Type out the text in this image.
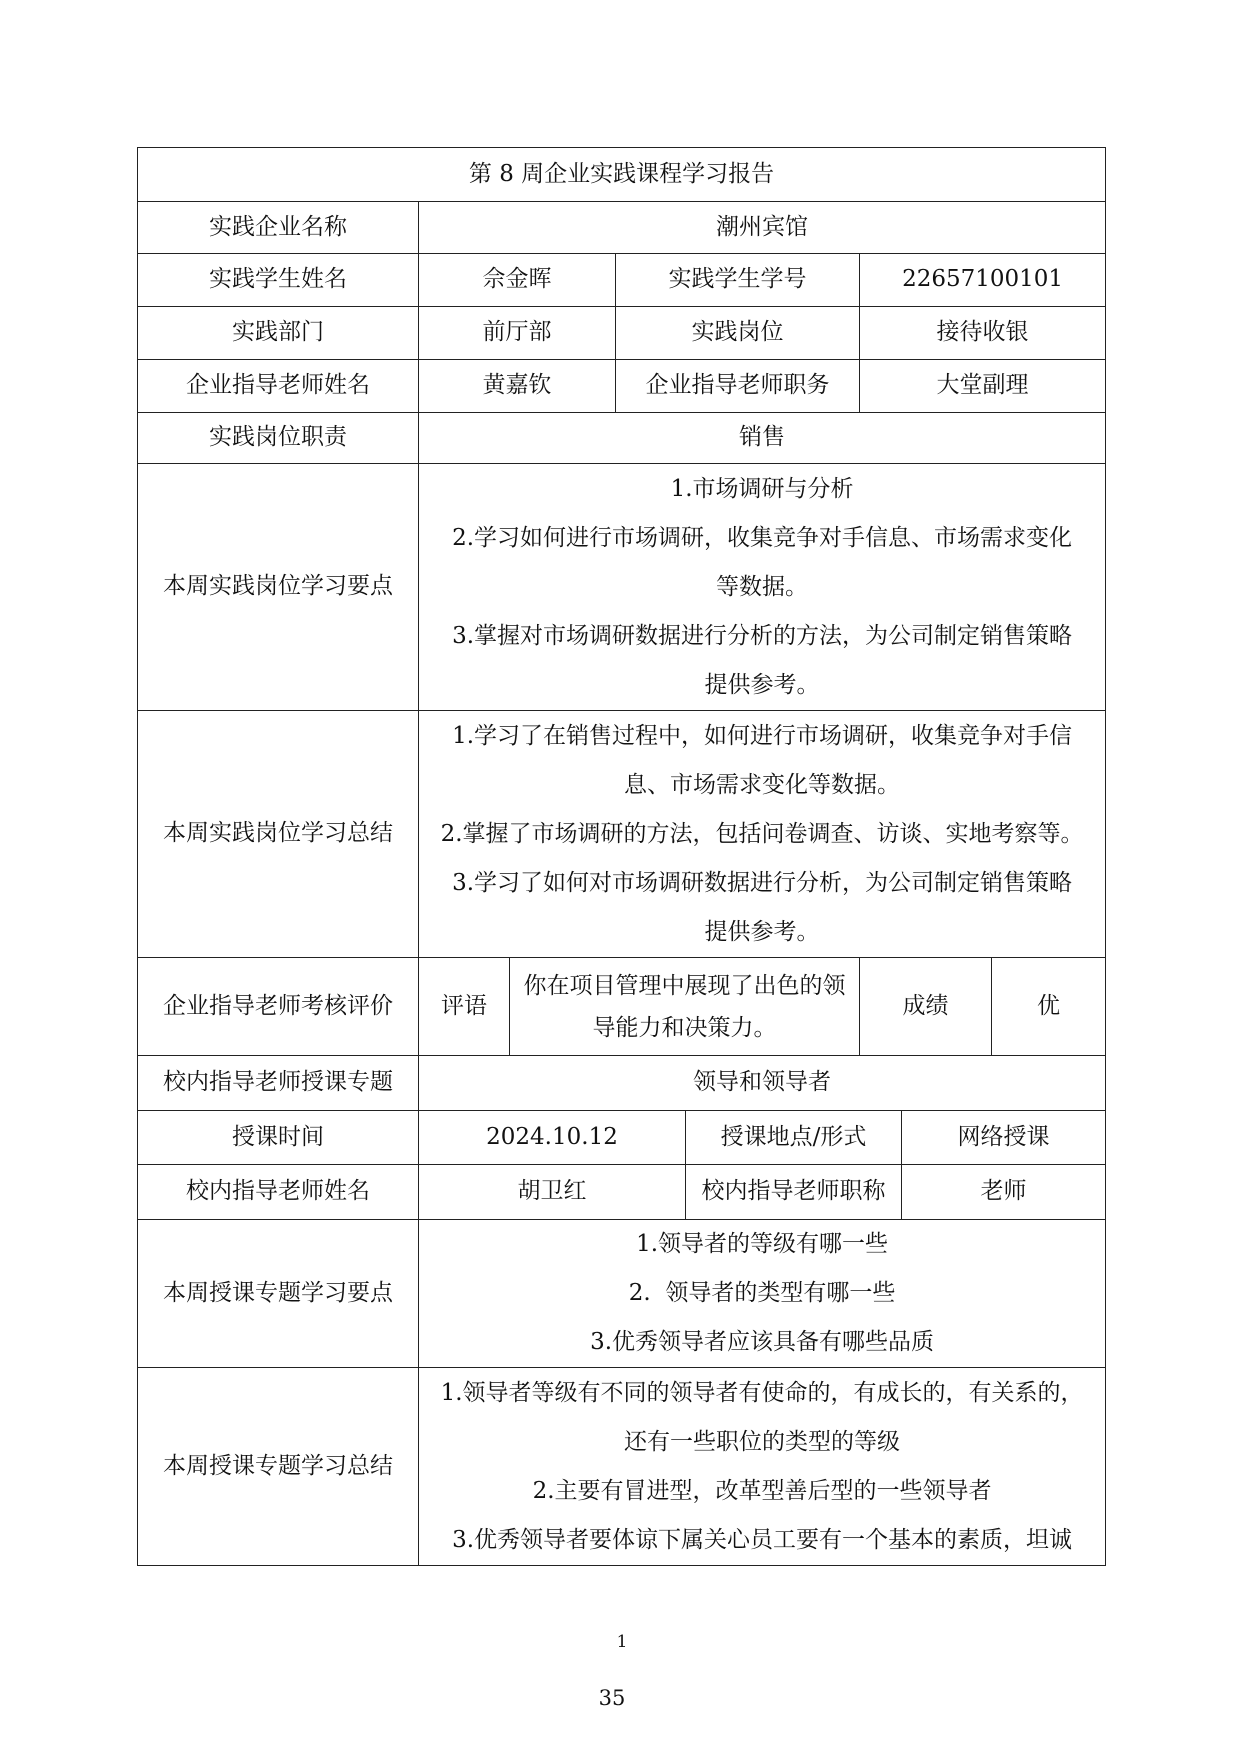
第 8 周企业实践课程学习报告							
实践企业名称	潮州宾馆						
实践学生姓名	佘金晖		实践学生学号		22657100101		
实践部门	前厅部		实践岗位		接待收银		
企业指导老师姓名	黄嘉钦		企业指导老师职务		大堂副理		
实践岗位职责	销售						
本周实践岗位学习要点	1.市场调研与分析
2.学习如何进行市场调研，收集竞争对手信息、市场需求变化
等数据。
3.掌握对市场调研数据进行分析的方法，为公司制定销售策略
提供参考。						

本周实践岗位学习总结	1.学习了在销售过程中，如何进行市场调研，收集竞争对手信
息、市场需求变化等数据。
2.掌握了市场调研的方法，包括问卷调查、访谈、实地考察等。
3.学习了如何对市场调研数据进行分析，为公司制定销售策略
提供参考。						

企业指导老师考核评价	评语	你在项目管理中展现了出色的领
导能力和决策力。			成绩		优
校内指导老师授课专题	领导和领导者						
授课时间	2024.10.12			授课地点/形式		网络授课	
校内指导老师姓名	胡卫红			校内指导老师职称		老师	
本周授课专题学习要点	1.领导者的等级有哪一些
2.  领导者的类型有哪一些
3.优秀领导者应该具备有哪些品质						

本周授课专题学习总结	1.领导者等级有不同的领导者有使命的，有成长的，有关系的，
还有一些职位的类型的等级
2.主要有冒进型，改革型善后型的一些领导者
3.优秀领导者要体谅下属关心员工要有一个基本的素质，坦诚						
1
35
